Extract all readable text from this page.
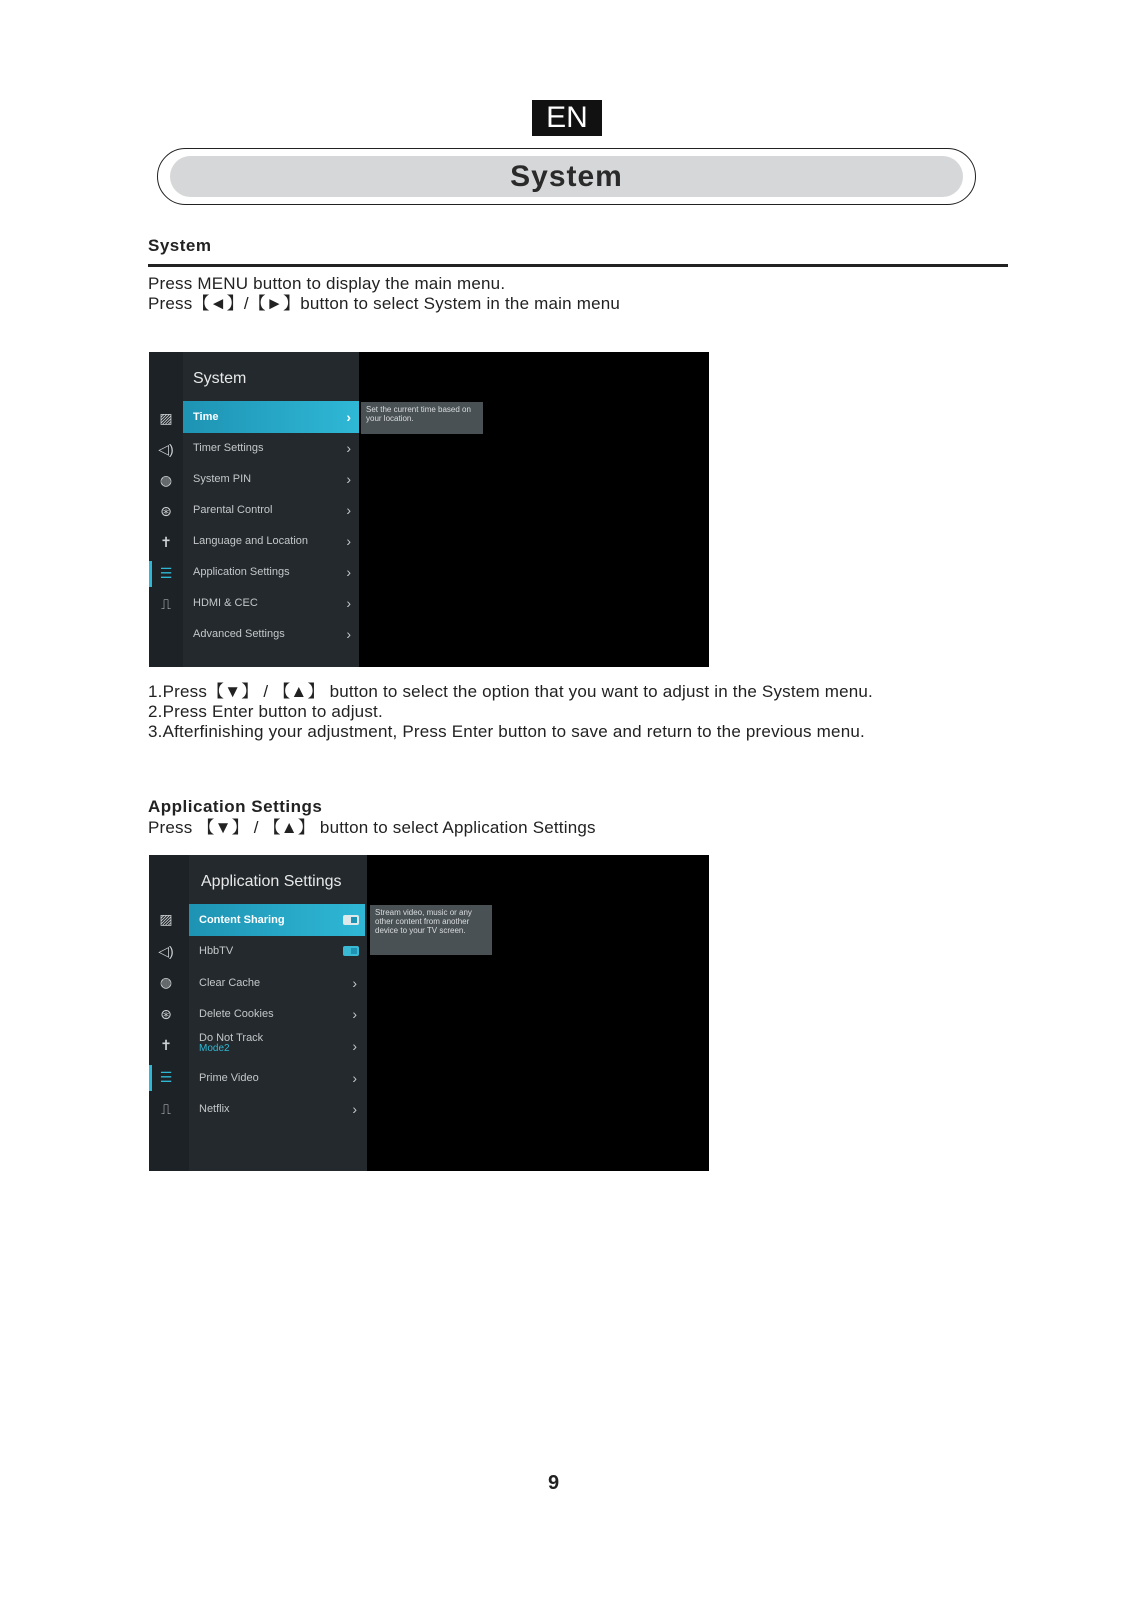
EN
System
System
Press MENU button to display the main menu.
Press【◄】/【►】button to select System in the main menu
▨
◁)
◍
⊛
✝
☰
⎍
System
Time	›
Timer Settings	›
System PIN	›
Parental Control	›
Language and Location	›
Application Settings	›
HDMI & CEC	›
Advanced Settings	›
Set the current time based on your location.
1.Press【▼】 / 【▲】 button to select the option that you want to adjust in the System menu.
2.Press Enter button to adjust.
3.Afterfinishing your adjustment, Press Enter button to save and return to the previous menu.
Application Settings
Press 【▼】 / 【▲】 button to select Application Settings
▨
◁)
◍
⊛
✝
☰
⎍
Application Settings
Content Sharing
HbbTV
Clear Cache	›
Delete Cookies	›
Do Not Track
Mode2	›
Prime Video	›
Netflix	›
Stream video, music or any other content from another device to your TV screen.
9
